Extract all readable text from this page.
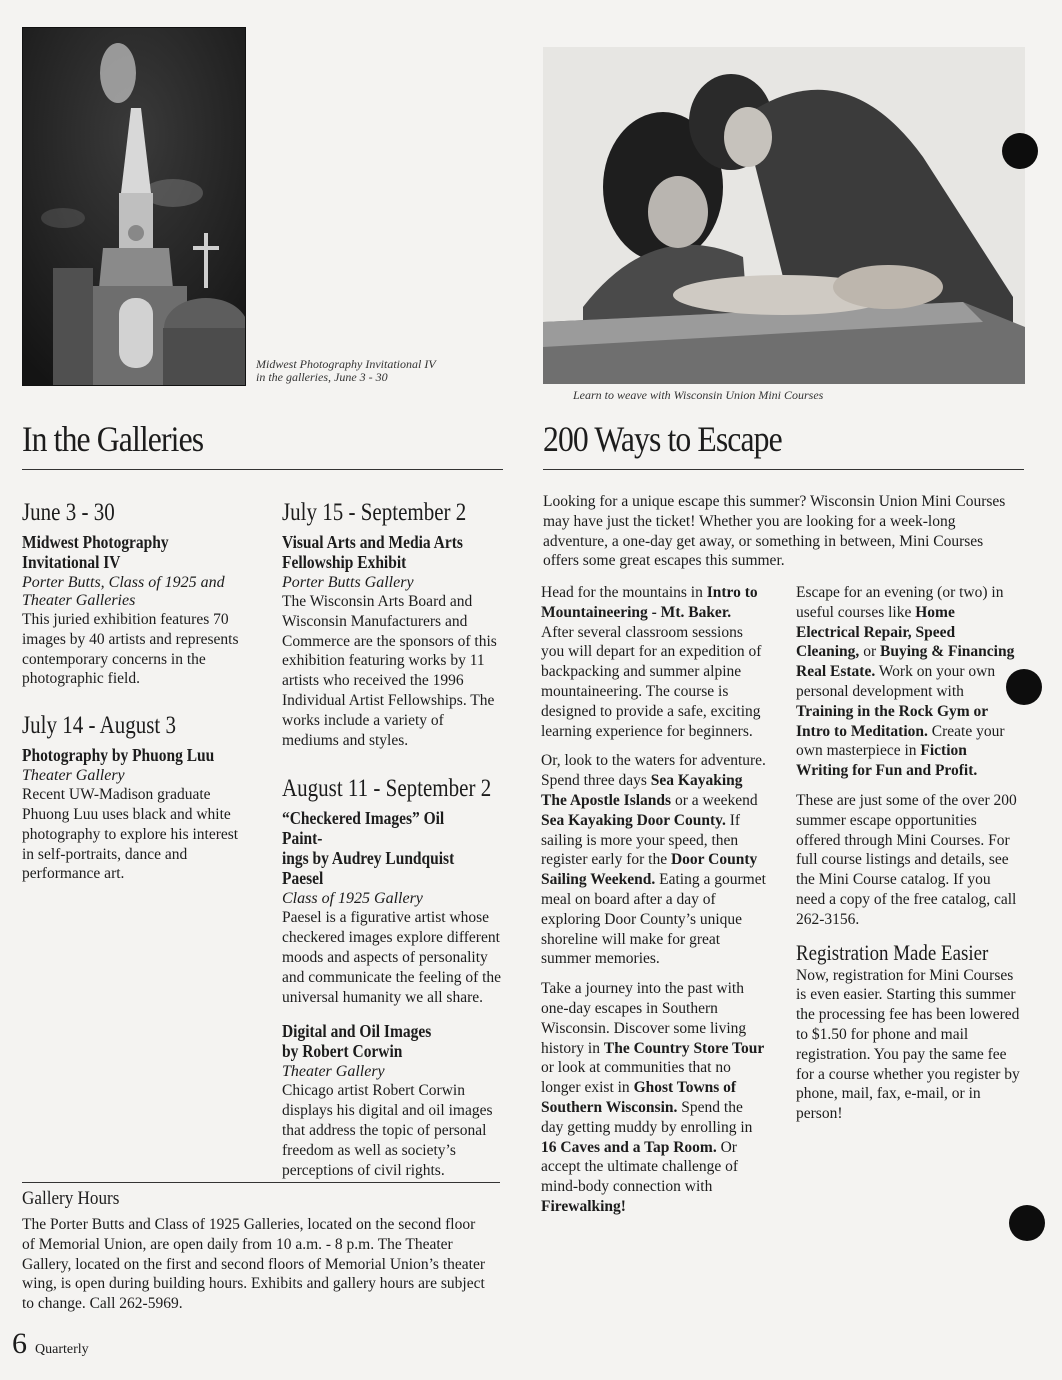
Midwest Photography Invitational IV
in the galleries, June 3 - 30
Learn to weave with Wisconsin Union Mini Courses
In the Galleries	200 Ways to Escape
June 3 - 30
Midwest Photography
Invitational IV
Porter Butts, Class of 1925 and
Theater Galleries
This juried exhibition features 70 images by 40 artists and represents contemporary concerns in the photographic field.
July 14 - August 3
Photography by Phuong Luu
Theater Gallery
Recent UW-Madison graduate Phuong Luu uses black and white photography to explore his interest in self-portraits, dance and performance art.
July 15 - September 2
Visual Arts and Media Arts
Fellowship Exhibit
Porter Butts Gallery
The Wisconsin Arts Board and Wisconsin Manufacturers and Commerce are the sponsors of this exhibition featuring works by 11 artists who received the 1996 Individual Artist Fellowships. The works include a variety of mediums and styles.
August 11 - September 2
“Checkered Images” Oil Paint-
ings by Audrey Lundquist Paesel
Class of 1925 Gallery
Paesel is a figurative artist whose checkered images explore different moods and aspects of personality and communicate the feeling of the universal humanity we all share.
Digital and Oil Images
by Robert Corwin
Theater Gallery
Chicago artist Robert Corwin displays his digital and oil images that address the topic of personal freedom as well as society’s perceptions of civil rights.
Gallery Hours
The Porter Butts and Class of 1925 Galleries, located on the second floor of Memorial Union, are open daily from 10 a.m. - 8 p.m. The Theater Gallery, located on the first and second floors of Memorial Union’s theater wing, is open during building hours. Exhibits and gallery hours are subject to change. Call 262-5969.
Looking for a unique escape this summer? Wisconsin Union Mini Courses may have just the ticket! Whether you are looking for a week-long adventure, a one-day get away, or something in between, Mini Courses offers some great escapes this summer.

Head for the mountains in Intro to Mountaineering - Mt. Baker. After several classroom sessions you will depart for an expedition of backpacking and summer alpine mountaineering. The course is designed to provide a safe, exciting learning experience for beginners.

Or, look to the waters for adventure. Spend three days Sea Kayaking The Apostle Islands or a weekend Sea Kayaking Door County. If sailing is more your speed, then register early for the Door County Sailing Weekend. Eating a gourmet meal on board after a day of exploring Door County’s unique shoreline will make for great summer memories.

Take a journey into the past with one-day escapes in Southern Wisconsin. Discover some living history in The Country Store Tour or look at communities that no longer exist in Ghost Towns of Southern Wisconsin. Spend the day getting muddy by enrolling in 16 Caves and a Tap Room. Or accept the ultimate challenge of mind-body connection with Firewalking!

Escape for an evening (or two) in useful courses like Home Electrical Repair, Speed Cleaning, or Buying & Financing Real Estate. Work on your own personal development with Training in the Rock Gym or Intro to Meditation. Create your own masterpiece in Fiction Writing for Fun and Profit.

These are just some of the over 200 summer escape opportunities offered through Mini Courses. For full course listings and details, see the Mini Course catalog. If you need a copy of the free catalog, call 262-3156.

Registration Made Easier
Now, registration for Mini Courses is even easier. Starting this summer the processing fee has been lowered to $1.50 for phone and mail registration. You pay the same fee for a course whether you register by phone, mail, fax, e-mail, or in person!
6 Quarterly
